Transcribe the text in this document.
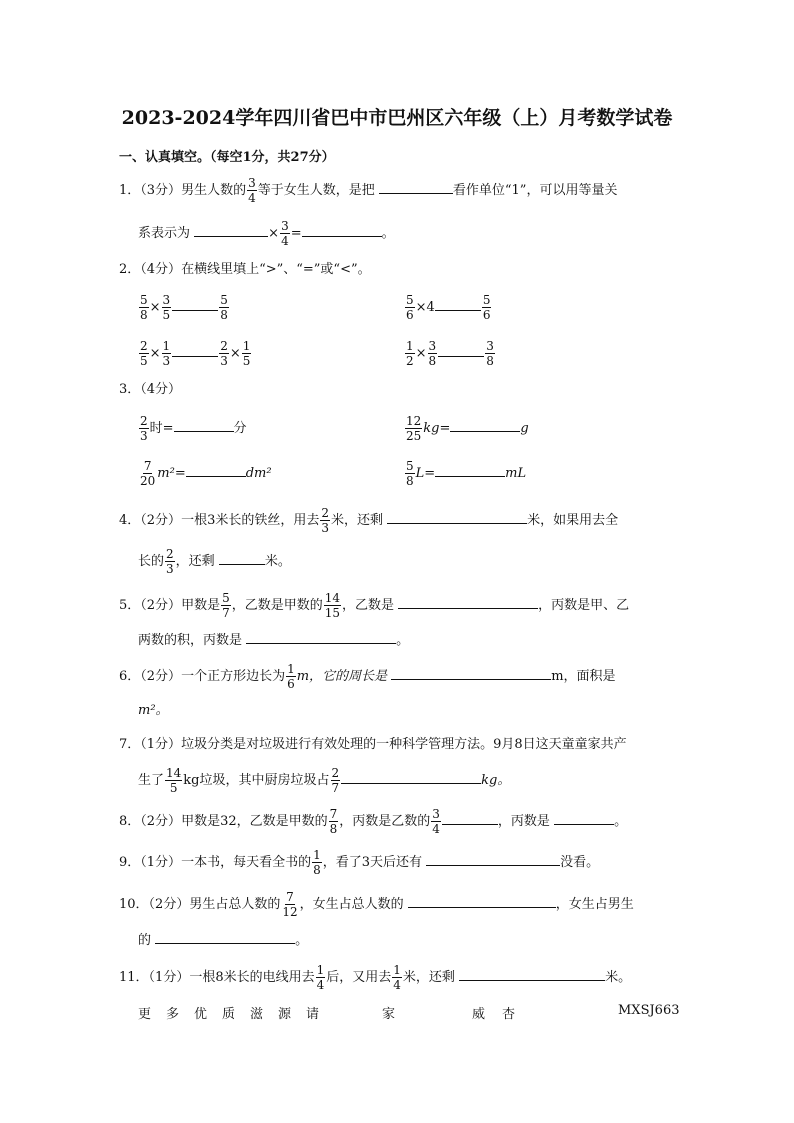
2023-2024学年四川省巴中市巴州区六年级（上）月考数学试卷
一、认真填空。（每空1分，共27分）
1．（3分）男生人数的 $\frac{3}{4}$ 等于女生人数，是把	看作单位“1”，可以用等量关
系表示为	× $\frac{3}{4}$ =	。
2．（4分）在横线里填上“>”、“=”或“<”。
$\frac{5}{8} \times \frac{3}{5}$	$\frac{5}{8}$	$\frac{5}{6} \times 4$	$\frac{5}{6}$
$\frac{2}{5} \times \frac{1}{3}$	$\frac{2}{3} \times \frac{1}{5}$	$\frac{1}{2} \times \frac{3}{8}$	$\frac{3}{8}$
3．（4分）
$\frac{2}{3}$ 时=	分	$\frac{12}{25} kg=$	g
$\frac{7}{20} m^2=$	dm²	$\frac{5}{8} L=$	mL
4．（2分）一根3米长的铁丝，用去 $\frac{2}{3}$ 米，还剩	米，如果用去全
长的 $\frac{2}{3}$ ，还剩	米。
5．（2分）甲数是 $\frac{5}{7}$ ，乙数是甲数的 $\frac{14}{15}$ ，乙数是	，丙数是甲、乙
两数的积，丙数是	。
6．（2分）一个正方形边长为 $\frac{1}{6}$ m，它的周长是	m，面积是
m²。
7．（1分）垃圾分类是对垃圾进行有效处理的一种科学管理方法。9月8日这天童童家共产
生了 $\frac{14}{5}$ kg垃圾，其中厨房垃圾占 $\frac{2}{7}$	kg。
8．（2分）甲数是32，乙数是甲数的 $\frac{7}{8}$ ，丙数是乙数的 $\frac{3}{4}$	，丙数是	。
9．（1分）一本书，每天看全书的 $\frac{1}{8}$ ，看了3天后还有	没看。
10．（2分）男生占总人数的 $\frac{7}{12}$ ，女生占总人数的	，女生占男生
的	。
11．（1分）一根8米长的电线用去 $\frac{1}{4}$ 后，又用去 $\frac{1}{4}$ 米，还剩	米。
更 多 优 质 滋 源 请	家	威 杏	MXSJ663
